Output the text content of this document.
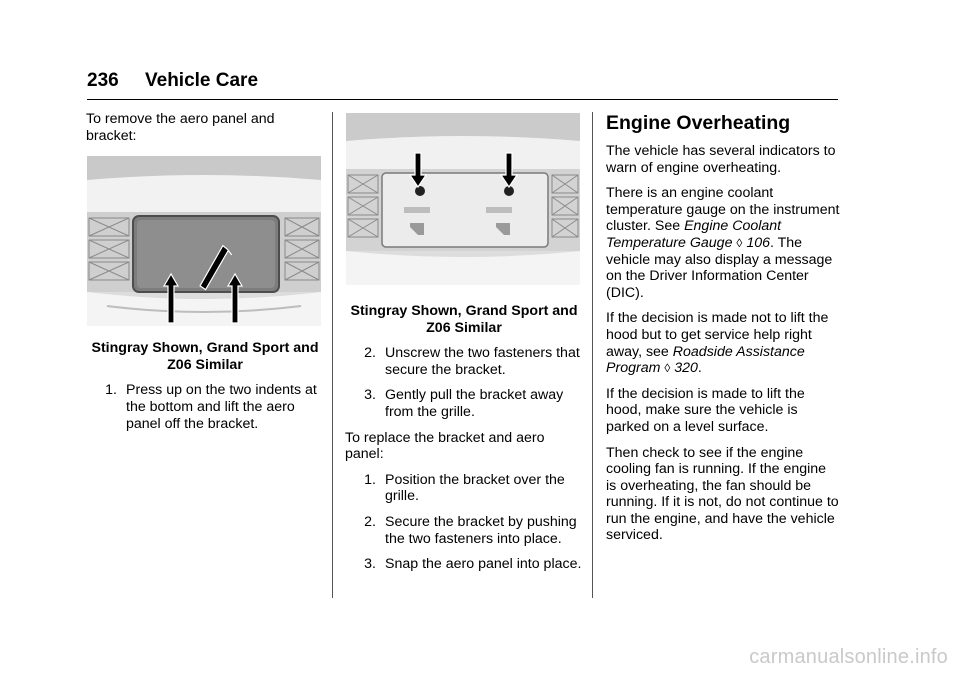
236 Vehicle Care

To remove the aero panel and bracket:

Stingray Shown, Grand Sport and
Z06 Similar

1. Press up on the two indents at the bottom and lift the aero panel off the bracket.

Stingray Shown, Grand Sport and
Z06 Similar

2. Unscrew the two fasteners that secure the bracket.
3. Gently pull the bracket away from the grille.

To replace the bracket and aero panel:

1. Position the bracket over the grille.
2. Secure the bracket by pushing the two fasteners into place.
3. Snap the aero panel into place.
Engine Overheating

The vehicle has several indicators to warn of engine overheating.

There is an engine coolant temperature gauge on the instrument cluster. See Engine Coolant Temperature Gauge ◊ 106. The vehicle may also display a message on the Driver Information Center (DIC).

If the decision is made not to lift the hood but to get service help right away, see Roadside Assistance Program ◊ 320.

If the decision is made to lift the hood, make sure the vehicle is parked on a level surface.

Then check to see if the engine cooling fan is running. If the engine is overheating, the fan should be running. If it is not, do not continue to run the engine, and have the vehicle serviced.

carmanualsonline.info
